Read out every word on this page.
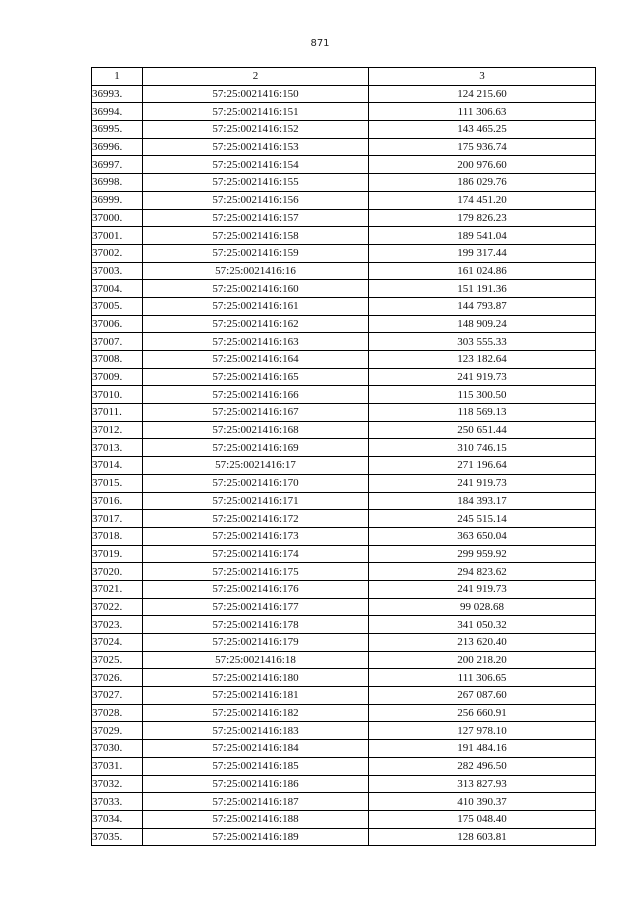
871
1	2	3
36993.	57:25:0021416:150	124 215.60
36994.	57:25:0021416:151	111 306.63
36995.	57:25:0021416:152	143 465.25
36996.	57:25:0021416:153	175 936.74
36997.	57:25:0021416:154	200 976.60
36998.	57:25:0021416:155	186 029.76
36999.	57:25:0021416:156	174 451.20
37000.	57:25:0021416:157	179 826.23
37001.	57:25:0021416:158	189 541.04
37002.	57:25:0021416:159	199 317.44
37003.	57:25:0021416:16	161 024.86
37004.	57:25:0021416:160	151 191.36
37005.	57:25:0021416:161	144 793.87
37006.	57:25:0021416:162	148 909.24
37007.	57:25:0021416:163	303 555.33
37008.	57:25:0021416:164	123 182.64
37009.	57:25:0021416:165	241 919.73
37010.	57:25:0021416:166	115 300.50
37011.	57:25:0021416:167	118 569.13
37012.	57:25:0021416:168	250 651.44
37013.	57:25:0021416:169	310 746.15
37014.	57:25:0021416:17	271 196.64
37015.	57:25:0021416:170	241 919.73
37016.	57:25:0021416:171	184 393.17
37017.	57:25:0021416:172	245 515.14
37018.	57:25:0021416:173	363 650.04
37019.	57:25:0021416:174	299 959.92
37020.	57:25:0021416:175	294 823.62
37021.	57:25:0021416:176	241 919.73
37022.	57:25:0021416:177	99 028.68
37023.	57:25:0021416:178	341 050.32
37024.	57:25:0021416:179	213 620.40
37025.	57:25:0021416:18	200 218.20
37026.	57:25:0021416:180	111 306.65
37027.	57:25:0021416:181	267 087.60
37028.	57:25:0021416:182	256 660.91
37029.	57:25:0021416:183	127 978.10
37030.	57:25:0021416:184	191 484.16
37031.	57:25:0021416:185	282 496.50
37032.	57:25:0021416:186	313 827.93
37033.	57:25:0021416:187	410 390.37
37034.	57:25:0021416:188	175 048.40
37035.	57:25:0021416:189	128 603.81
